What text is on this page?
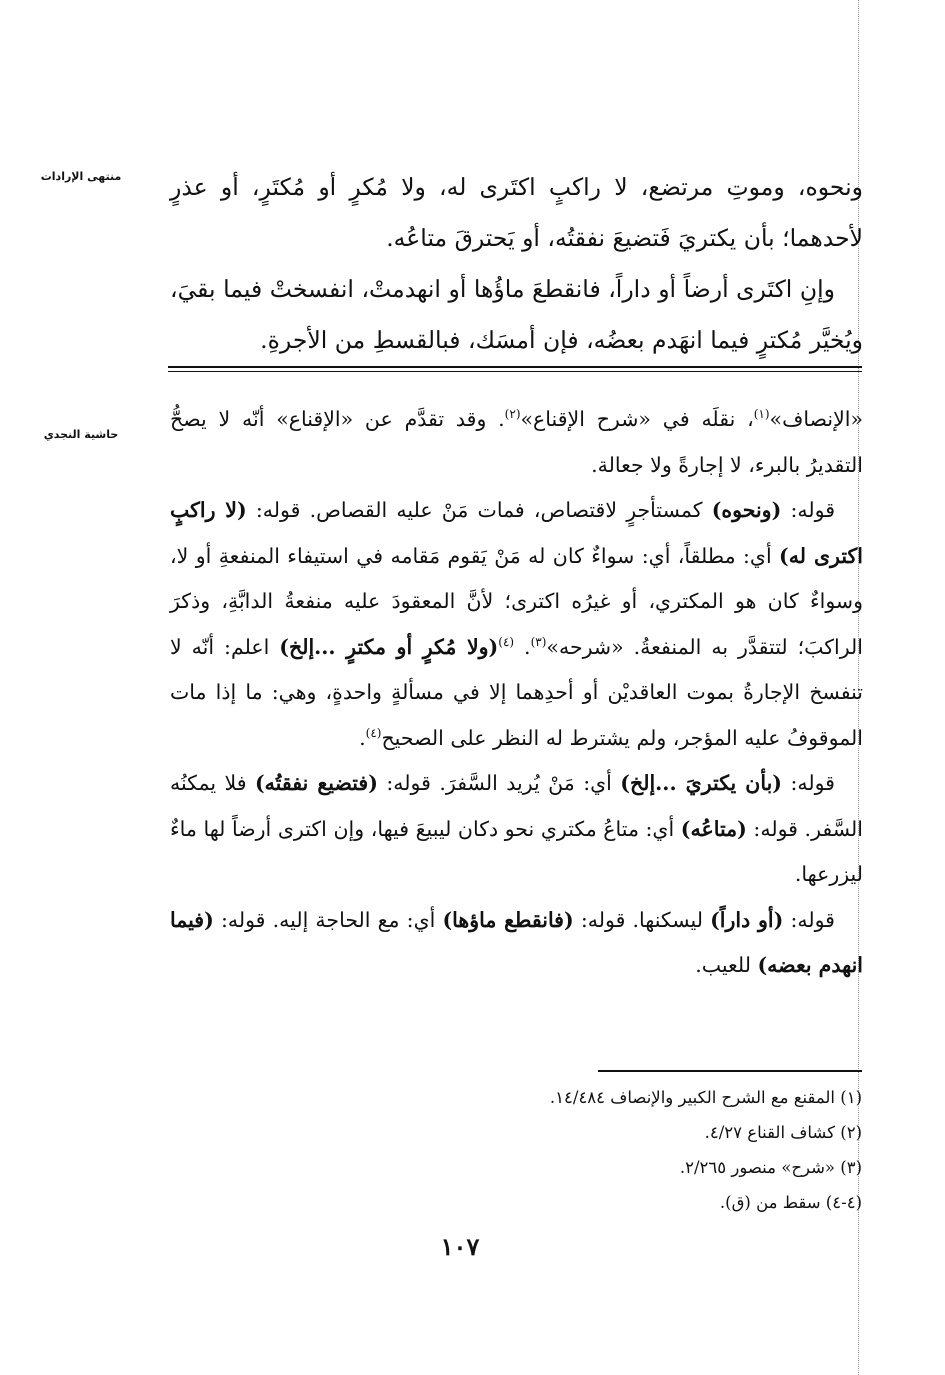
منتهى الإرادات	ونحوه، وموتِ مرتضع، لا راكبٍ اكتَرى له، ولا مُكرٍ أو مُكتَرٍ، أو عذرٍ لأحدهما؛ بأن يكتريَ فَتضيعَ نفقتُه، أو يَحترقَ متاعُه.

وإنِ اكتَرى أرضاً أو داراً، فانقطعَ ماؤُها أو انهدمتْ، انفسختْ فيما بقيَ، ويُخيَّر مُكترٍ فيما انهَدم بعضُه، فإن أمسَك، فبالقسطِ من الأجرةِ.

حاشية النجدي

«الإنصاف»$^{(١)}$، نقلَه في «شرح الإقناع»$^{(٢)}$. وقد تقدَّم عن «الإقناع» أنّه لا يصحُّ التقديرُ بالبرء، لا إجارةً ولا جعالة.

قوله: (ونحوه) كمستأجرٍ لاقتصاص، فمات مَنْ عليه القصاص. قوله: (لا راكبٍ اكترى له) أي: مطلقاً، أي: سواءٌ كان له مَنْ يَقوم مَقامه في استيفاء المنفعةِ أو لا، وسواءٌ كان هو المكتري، أو غيرُه اكترى؛ لأنَّ المعقودَ عليه منفعةُ الدابَّةِ، وذكرَ الراكبَ؛ لتتقدَّر به المنفعةُ. «شرحه»$^{(٣)}$. $^{(٤)}$(ولا مُكرٍ أو مكترٍ ...إلخ) اعلم: أنّه لا تنفسخ الإجارةُ بموت العاقديْن أو أحدِهما إلا في مسألةٍ واحدةٍ، وهي: ما إذا مات الموقوفُ عليه المؤجر، ولم يشترط له النظر على الصحيح$^{(٤)}$.

قوله: (بأن يكتريَ ...إلخ) أي: مَنْ يُريد السَّفرَ. قوله: (فتضيع نفقتُه) فلا يمكنُه السَّفر. قوله: (متاعُه) أي: متاعُ مكتري نحو دكان ليبيعَ فيها، وإن اكترى أرضاً لها ماءٌ ليزرعها.

قوله: (أو داراً) ليسكنها. قوله: (فانقطع ماؤها) أي: مع الحاجة إليه. قوله: (فيما انهدم بعضه) للعيب.

(١) المقنع مع الشرح الكبير والإنصاف ١٤/٤٨٤.
(٢) كشاف القناع ٤/٢٧.
(٣) «شرح» منصور ٢/٢٦٥.
(٤-٤) سقط من (ق).
١٠٧
